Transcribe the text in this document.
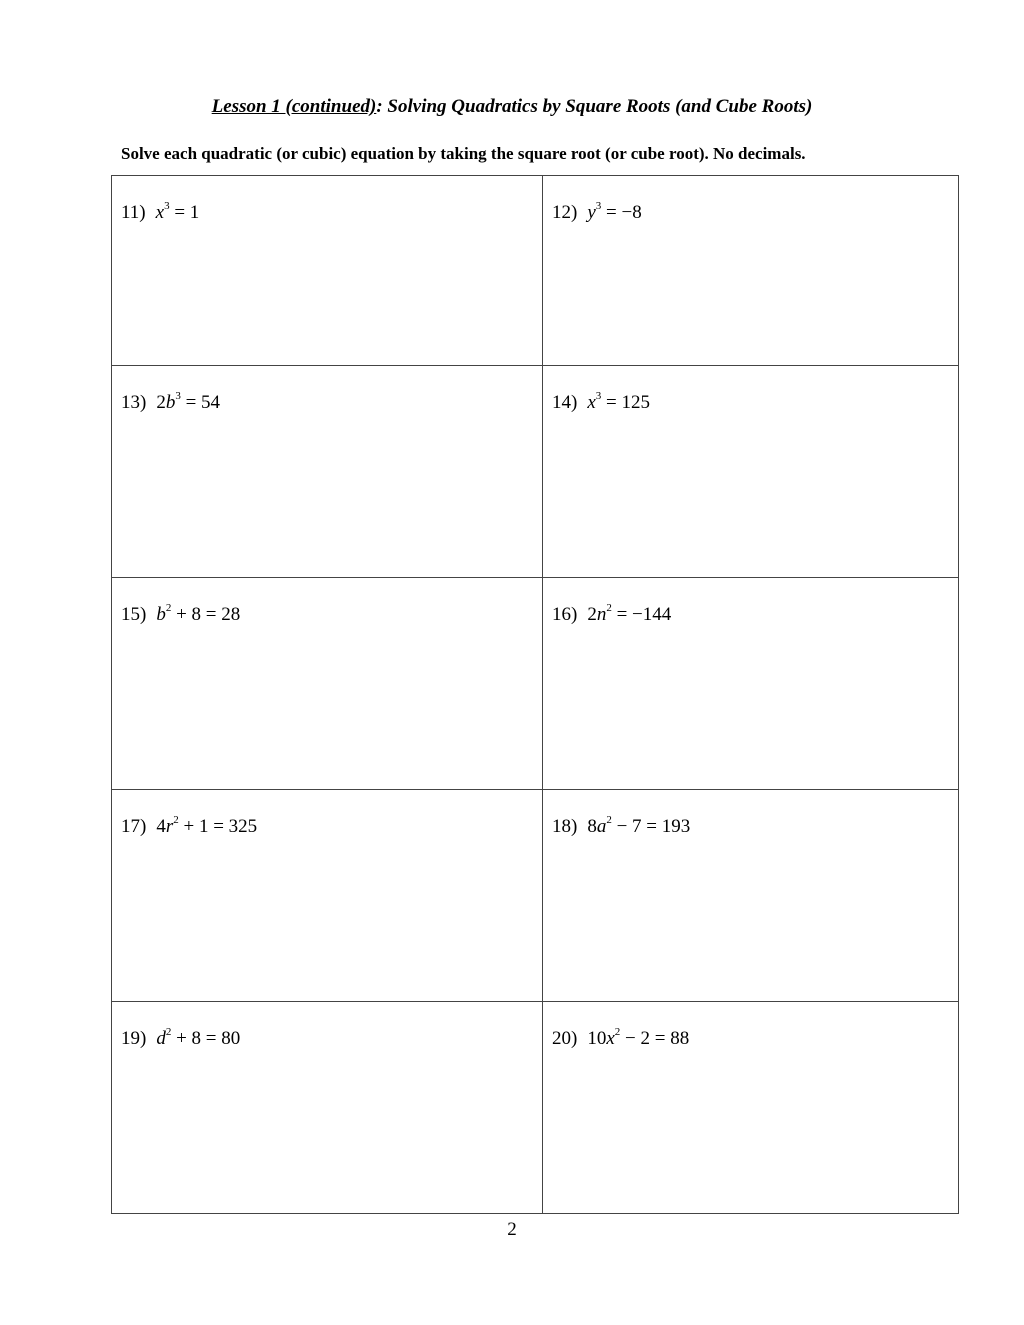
Lesson 1 (continued): Solving Quadratics by Square Roots (and Cube Roots)
Solve each quadratic (or cubic) equation by taking the square root (or cube root). No decimals.
11) $x^3 = 1$	12) $y^3 = -8$

13) $2b^3 = 54$	14) $x^3 = 125$

15) $b^2 + 8 = 28$	16) $2n^2 = -144$

17) $4r^2 + 1 = 325$	18) $8a^2 - 7 = 193$

19) $d^2 + 8 = 80$	20) $10x^2 - 2 = 88$
2
